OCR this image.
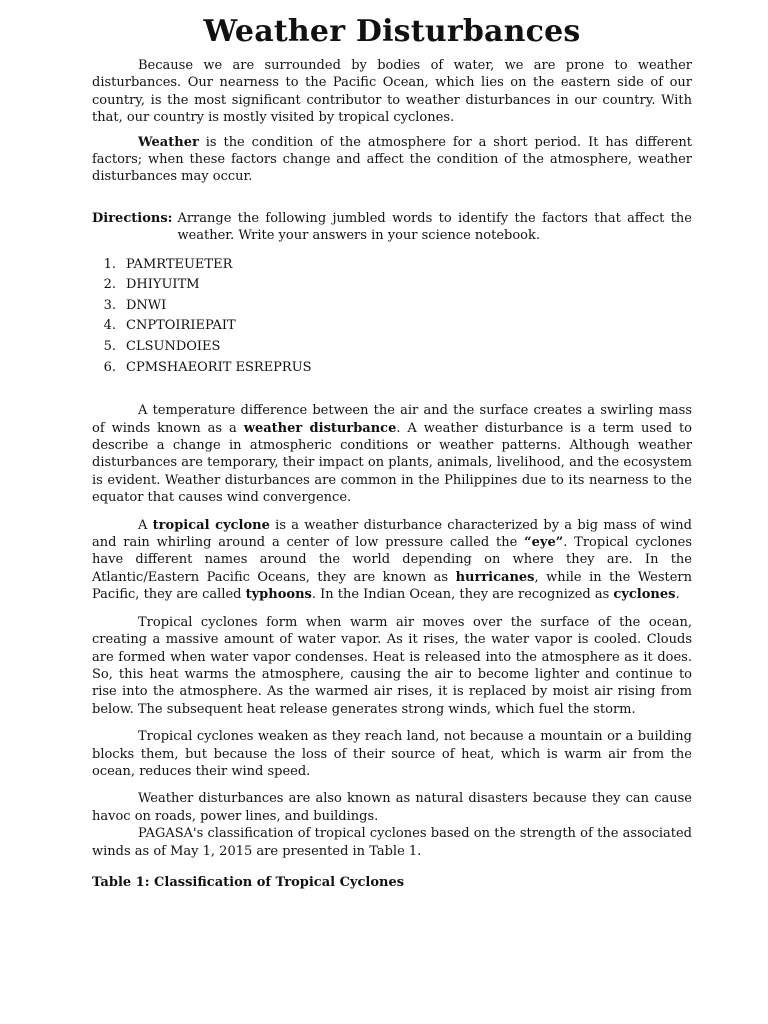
Weather Disturbances

Because we are surrounded by bodies of water, we are prone to weather disturbances. Our nearness to the Pacific Ocean, which lies on the eastern side of our country, is the most significant contributor to weather disturbances in our country. With that, our country is mostly visited by tropical cyclones.

Weather is the condition of the atmosphere for a short period. It has different factors; when these factors change and affect the condition of the atmosphere, weather disturbances may occur.

Directions: Arrange the following jumbled words to identify the factors that affect the weather. Write your answers in your science notebook.
1. PAMRTEUETER
2. DHIYUITM
3. DNWI
4. CNPTOIRIEPAIT
5. CLSUNDOIES
6. CPMSHAEORIT ESREPRUS

A temperature difference between the air and the surface creates a swirling mass of winds known as a weather disturbance. A weather disturbance is a term used to describe a change in atmospheric conditions or weather patterns. Although weather disturbances are temporary, their impact on plants, animals, livelihood, and the ecosystem is evident. Weather disturbances are common in the Philippines due to its nearness to the equator that causes wind convergence.

A tropical cyclone is a weather disturbance characterized by a big mass of wind and rain whirling around a center of low pressure called the “eye”. Tropical cyclones have different names around the world depending on where they are. In the Atlantic/Eastern Pacific Oceans, they are known as hurricanes, while in the Western Pacific, they are called typhoons. In the Indian Ocean, they are recognized as cyclones.

Tropical cyclones form when warm air moves over the surface of the ocean, creating a massive amount of water vapor. As it rises, the water vapor is cooled. Clouds are formed when water vapor condenses. Heat is released into the atmosphere as it does. So, this heat warms the atmosphere, causing the air to become lighter and continue to rise into the atmosphere. As the warmed air rises, it is replaced by moist air rising from below. The subsequent heat release generates strong winds, which fuel the storm.

Tropical cyclones weaken as they reach land, not because a mountain or a building blocks them, but because the loss of their source of heat, which is warm air from the ocean, reduces their wind speed.

Weather disturbances are also known as natural disasters because they can cause havoc on roads, power lines, and buildings.

PAGASA's classification of tropical cyclones based on the strength of the associated winds as of May 1, 2015 are presented in Table 1.

Table 1: Classification of Tropical Cyclones
